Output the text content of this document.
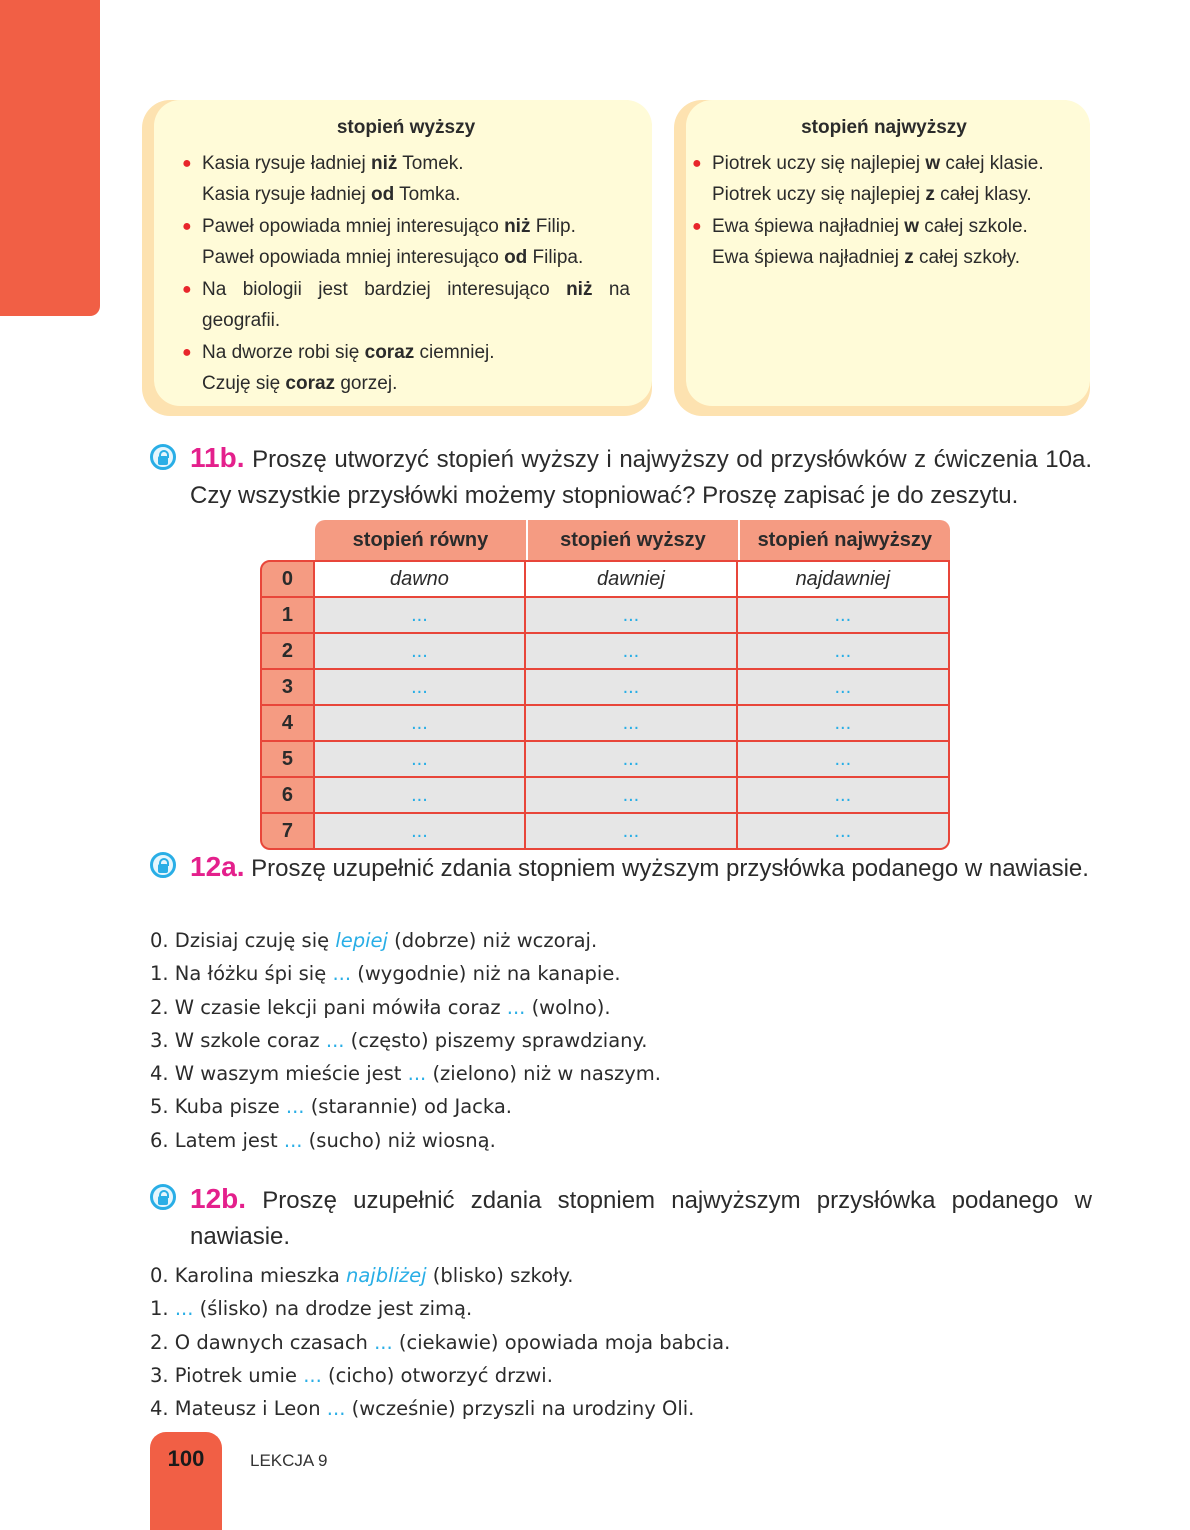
stopień wyższy
● Kasia rysuje ładniej niż Tomek.
Kasia rysuje ładniej od Tomka.
● Paweł opowiada mniej interesująco niż Filip.
Paweł opowiada mniej interesująco od Filipa.
● Na biologii jest bardziej interesująco niż na geografii.
● Na dworze robi się coraz ciemniej.
Czuję się coraz gorzej.
stopień najwyższy
● Piotrek uczy się najlepiej w całej klasie.
Piotrek uczy się najlepiej z całej klasy.
● Ewa śpiewa najładniej w całej szkole.
Ewa śpiewa najładniej z całej szkoły.
11b. Proszę utworzyć stopień wyższy i najwyższy od przysłówków z ćwiczenia 10a. Czy wszystkie przysłówki możemy stopniować? Proszę zapisać je do zeszytu.
	stopień równy	stopień wyższy	stopień najwyższy
0	dawno	dawniej	najdawniej
1	...	...	...
2	...	...	...
3	...	...	...
4	...	...	...
5	...	...	...
6	...	...	...
7	...	...	...
12a. Proszę uzupełnić zdania stopniem wyższym przysłówka podanego w nawiasie.
0. Dzisiaj czuję się lepiej (dobrze) niż wczoraj.
1. Na łóżku śpi się ... (wygodnie) niż na kanapie.
2. W czasie lekcji pani mówiła coraz ... (wolno).
3. W szkole coraz ... (często) piszemy sprawdziany.
4. W waszym mieście jest ... (zielono) niż w naszym.
5. Kuba pisze ... (starannie) od Jacka.
6. Latem jest ... (sucho) niż wiosną.
12b. Proszę uzupełnić zdania stopniem najwyższym przysłówka podanego w nawiasie.
0. Karolina mieszka najbliżej (blisko) szkoły.
1. ... (ślisko) na drodze jest zimą.
2. O dawnych czasach ... (ciekawie) opowiada moja babcia.
3. Piotrek umie ... (cicho) otworzyć drzwi.
4. Mateusz i Leon ... (wcześnie) przyszli na urodziny Oli.
100	LEKCJA 9
